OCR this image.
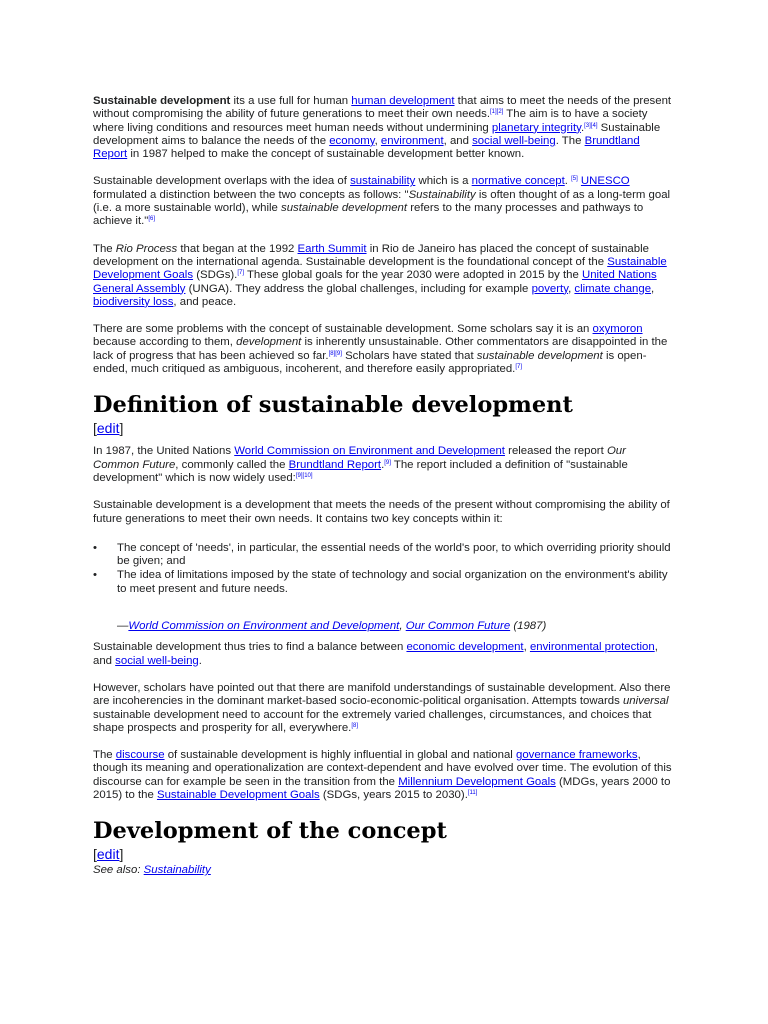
Sustainable development its a use full for human human development that aims to meet the needs of the present without compromising the ability of future generations to meet their own needs.[1][2] The aim is to have a society where living conditions and resources meet human needs without undermining planetary integrity.[3][4] Sustainable development aims to balance the needs of the economy, environment, and social well-being. The Brundtland Report in 1987 helped to make the concept of sustainable development better known.

Sustainable development overlaps with the idea of sustainability which is a normative concept. [5] UNESCO formulated a distinction between the two concepts as follows: "Sustainability is often thought of as a long-term goal (i.e. a more sustainable world), while sustainable development refers to the many processes and pathways to achieve it."[6]

The Rio Process that began at the 1992 Earth Summit in Rio de Janeiro has placed the concept of sustainable development on the international agenda. Sustainable development is the foundational concept of the Sustainable Development Goals (SDGs).[7] These global goals for the year 2030 were adopted in 2015 by the United Nations General Assembly (UNGA). They address the global challenges, including for example poverty, climate change, biodiversity loss, and peace.

There are some problems with the concept of sustainable development. Some scholars say it is an oxymoron because according to them, development is inherently unsustainable. Other commentators are disappointed in the lack of progress that has been achieved so far.[8][9] Scholars have stated that sustainable development is open-ended, much critiqued as ambiguous, incoherent, and therefore easily appropriated.[7]

Definition of sustainable development
[edit]

In 1987, the United Nations World Commission on Environment and Development released the report Our Common Future, commonly called the Brundtland Report.[9] The report included a definition of "sustainable development" which is now widely used:[9][10]

Sustainable development is a development that meets the needs of the present without compromising the ability of future generations to meet their own needs. It contains two key concepts within it:

• The concept of 'needs', in particular, the essential needs of the world's poor, to which overriding priority should be given; and
• The idea of limitations imposed by the state of technology and social organization on the environment's ability to meet present and future needs.
—World Commission on Environment and Development, Our Common Future (1987)

Sustainable development thus tries to find a balance between economic development, environmental protection, and social well-being.

However, scholars have pointed out that there are manifold understandings of sustainable development. Also there are incoherencies in the dominant market-based socio-economic-political organisation. Attempts towards universal sustainable development need to account for the extremely varied challenges, circumstances, and choices that shape prospects and prosperity for all, everywhere.[8]

The discourse of sustainable development is highly influential in global and national governance frameworks, though its meaning and operationalization are context-dependent and have evolved over time. The evolution of this discourse can for example be seen in the transition from the Millennium Development Goals (MDGs, years 2000 to 2015) to the Sustainable Development Goals (SDGs, years 2015 to 2030).[11]

Development of the concept
[edit]

See also: Sustainability
